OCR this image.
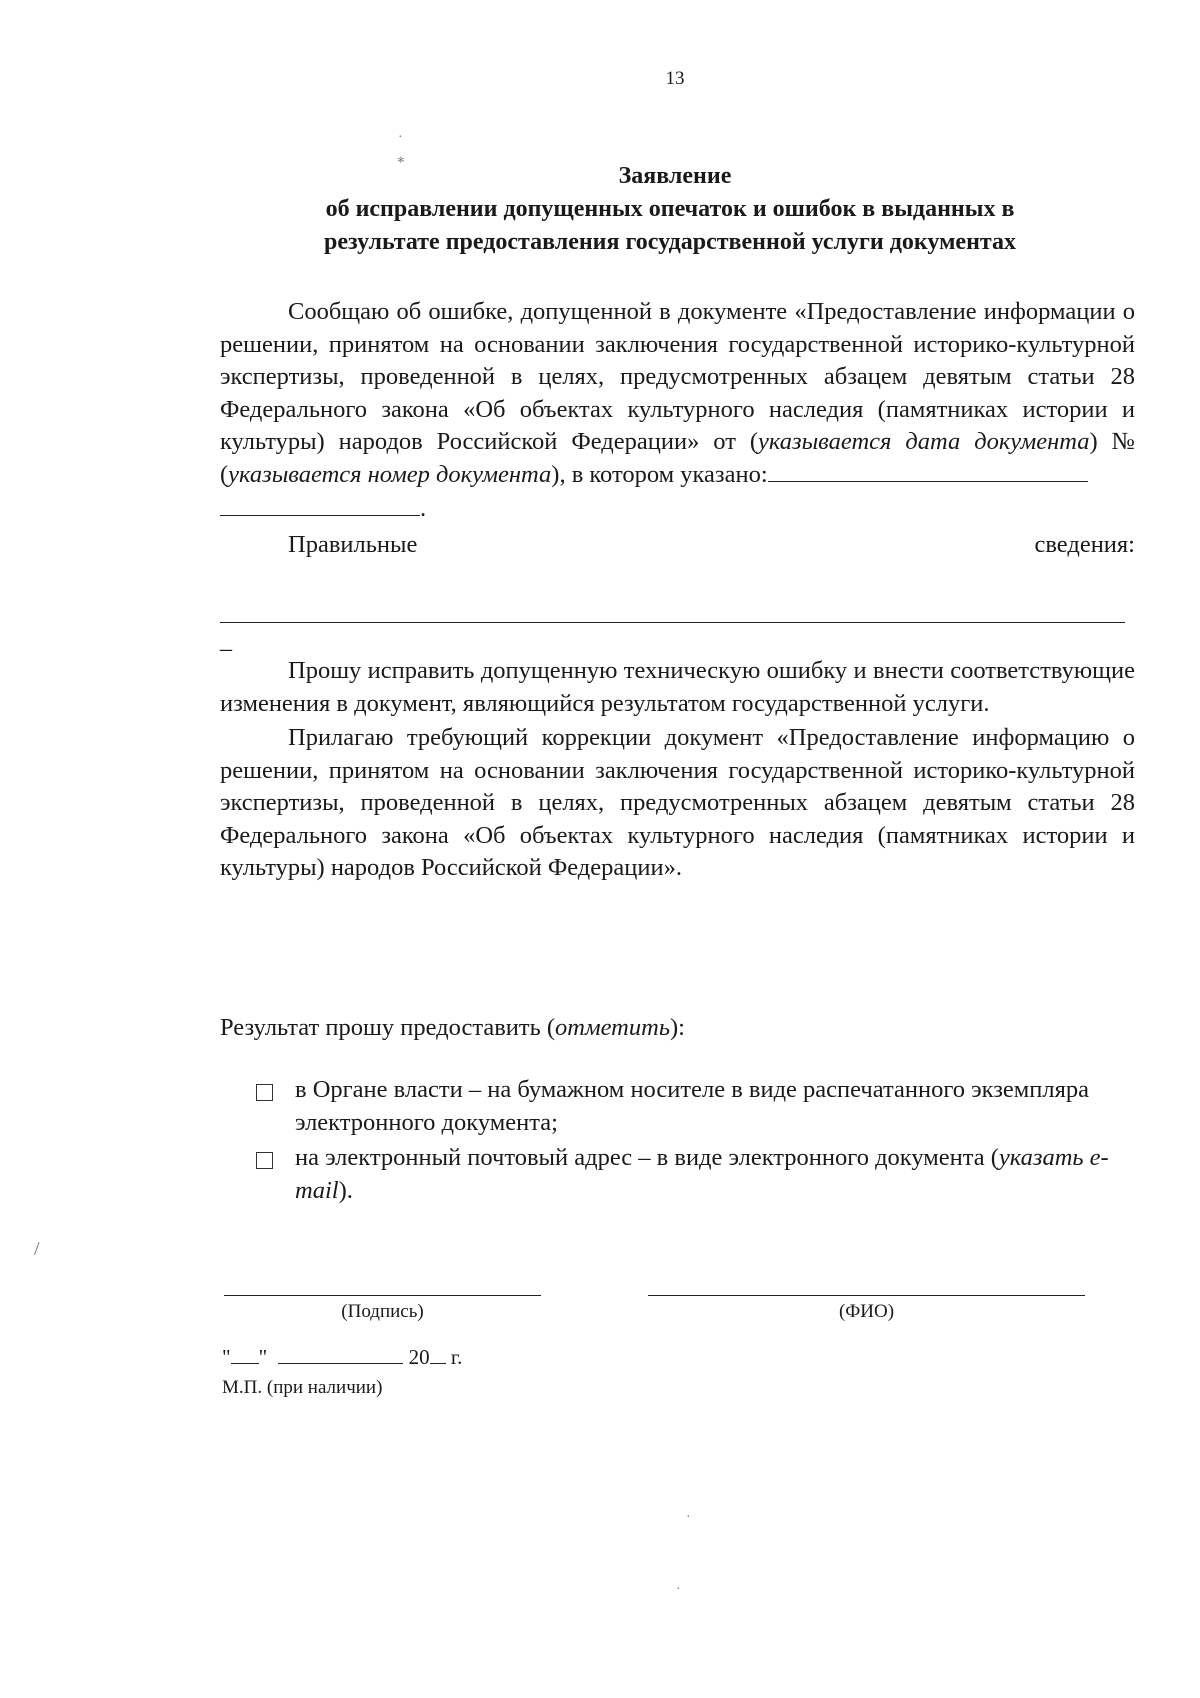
13
·
∗
Заявление
об исправлении допущенных опечаток и ошибок в выданных в
результате предоставления государственной услуги документах

Сообщаю об ошибке, допущенной в документе «Предоставление информации о решении, принятом на основании заключения государственной историко-культурной экспертизы, проведенной в целях, предусмотренных абзацем девятым статьи 28 Федерального закона «Об объектах культурного наследия (памятниках истории и культуры) народов Российской Федерации» от (указывается дата документа) № (указывается номер документа), в котором указано:

.

Правильные	сведения:
_

Прошу исправить допущенную техническую ошибку и внести соответствующие изменения в документ, являющийся результатом государственной услуги.

Прилагаю требующий коррекции документ «Предоставление информацию о решении, принятом на основании заключения государственной историко-культурной экспертизы, проведенной в целях, предусмотренных абзацем девятым статьи 28 Федерального закона «Об объектах культурного наследия (памятниках истории и культуры) народов Российской Федерации».

Результат прошу предоставить (отметить):
в Органе власти – на бумажном носителе в виде распечатанного экземпляра электронного документа;
на электронный почтовый адрес – в виде электронного документа (указать e-mail).
/
(Подпись)	(ФИО)
" "	20 г.
М.П. (при наличии)
·
·
